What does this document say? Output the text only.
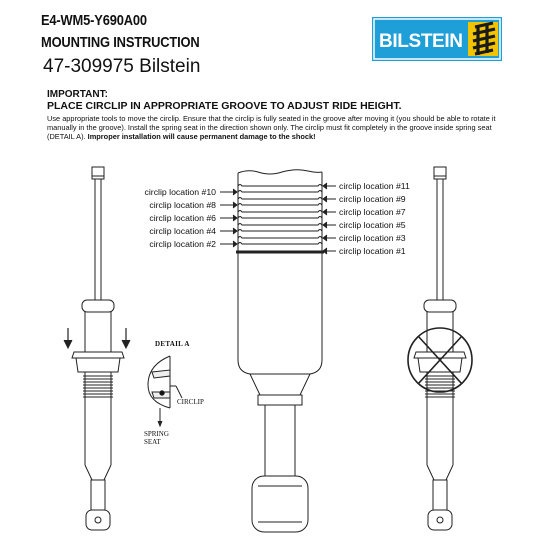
E4-WM5-Y690A00
MOUNTING INSTRUCTION
47-309975 Bilstein
BILSTEIN
IMPORTANT:
PLACE CIRCLIP IN APPROPRIATE GROOVE TO ADJUST RIDE HEIGHT.
Use appropriate tools to move the circlip. Ensure that the circlip is fully seated in the groove after moving it (you should be able to rotate it manually in the groove). Install the spring seat in the direction shown only. The circlip must fit completely in the groove inside spring seat (DETAIL A). Improper installation will cause permanent damage to the shock!
circlip location #10
circlip location #8
circlip location #6
circlip location #4
circlip location #2
circlip location #11
circlip location #9
circlip location #7
circlip location #5
circlip location #3
circlip location #1
DETAIL A
CIRCLIP
SPRING
SEAT
